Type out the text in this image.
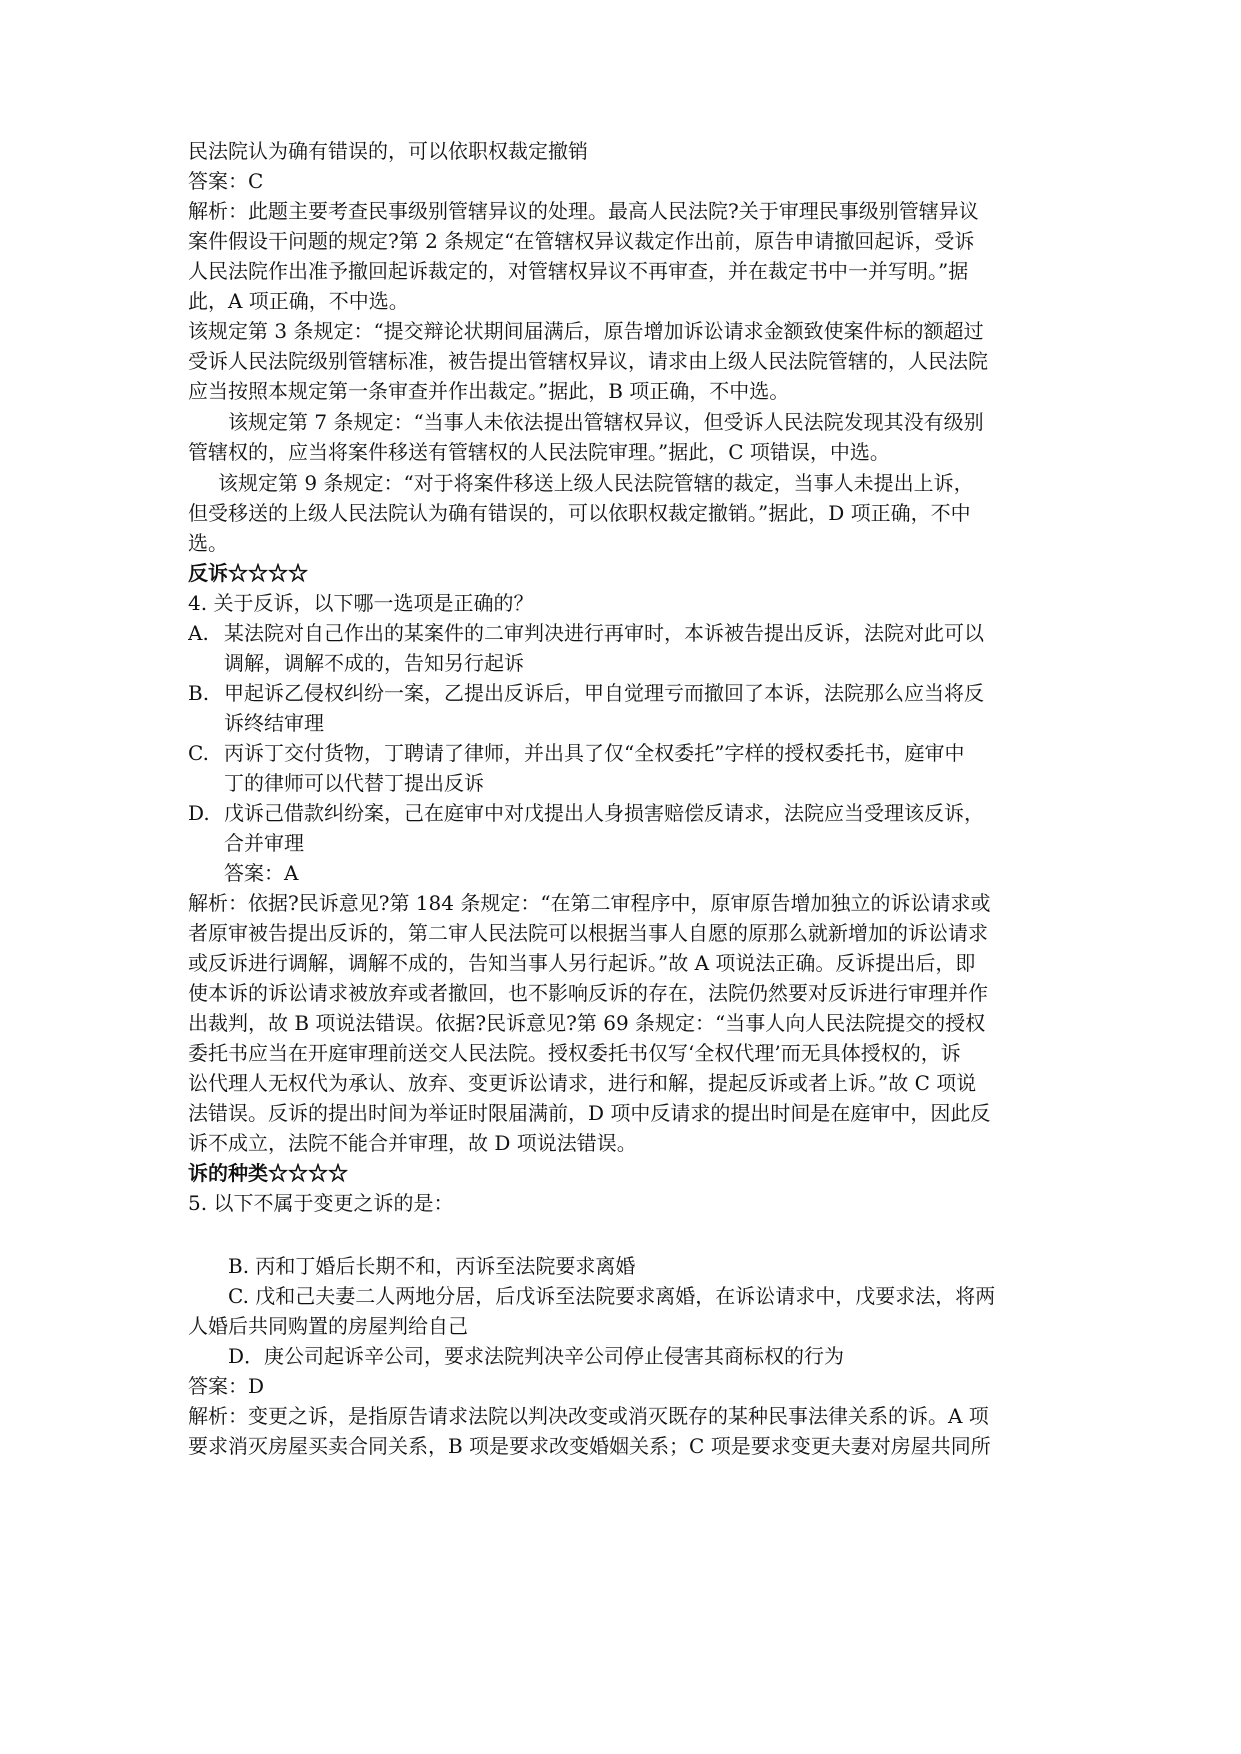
民法院认为确有错误的，可以依职权裁定撤销
答案：C
解析：此题主要考查民事级别管辖异议的处理。最高人民法院?关于审理民事级别管辖异议
案件假设干问题的规定?第 2 条规定“在管辖权异议裁定作出前，原告申请撤回起诉，受诉
人民法院作出准予撤回起诉裁定的，对管辖权异议不再审查，并在裁定书中一并写明。”据
此，A 项正确，不中选。
该规定第 3 条规定：“提交辩论状期间届满后，原告增加诉讼请求金额致使案件标的额超过
受诉人民法院级别管辖标准，被告提出管辖权异议，请求由上级人民法院管辖的，人民法院
应当按照本规定第一条审查并作出裁定。”据此，B 项正确，不中选。
该规定第 7 条规定：“当事人未依法提出管辖权异议，但受诉人民法院发现其没有级别
管辖权的，应当将案件移送有管辖权的人民法院审理。”据此，C 项错误，中选。
该规定第 9 条规定：“对于将案件移送上级人民法院管辖的裁定，当事人未提出上诉，
但受移送的上级人民法院认为确有错误的，可以依职权裁定撤销。”据此，D 项正确，不中
选。
反诉☆☆☆☆
4. 关于反诉，以下哪一选项是正确的？
A. 某法院对自己作出的某案件的二审判决进行再审时，本诉被告提出反诉，法院对此可以
调解，调解不成的，告知另行起诉
B. 甲起诉乙侵权纠纷一案，乙提出反诉后，甲自觉理亏而撤回了本诉，法院那么应当将反
诉终结审理
C. 丙诉丁交付货物，丁聘请了律师，并出具了仅“全权委托”字样的授权委托书，庭审中
丁的律师可以代替丁提出反诉
D. 戊诉己借款纠纷案，己在庭审中对戊提出人身损害赔偿反请求，法院应当受理该反诉，
合并审理
答案：A
解析：依据?民诉意见?第 184 条规定：“在第二审程序中，原审原告增加独立的诉讼请求或
者原审被告提出反诉的，第二审人民法院可以根据当事人自愿的原那么就新增加的诉讼请求
或反诉进行调解，调解不成的，告知当事人另行起诉。”故 A 项说法正确。反诉提出后，即
使本诉的诉讼请求被放弃或者撤回，也不影响反诉的存在，法院仍然要对反诉进行审理并作
出裁判，故 B 项说法错误。依据?民诉意见?第 69 条规定：“当事人向人民法院提交的授权
委托书应当在开庭审理前送交人民法院。授权委托书仅写‘全权代理’而无具体授权的，诉
讼代理人无权代为承认、放弃、变更诉讼请求，进行和解，提起反诉或者上诉。”故 C 项说
法错误。反诉的提出时间为举证时限届满前，D 项中反请求的提出时间是在庭审中，因此反
诉不成立，法院不能合并审理，故 D 项说法错误。
诉的种类☆☆☆☆
5. 以下不属于变更之诉的是：
B. 丙和丁婚后长期不和，丙诉至法院要求离婚
C. 戊和己夫妻二人两地分居，后戊诉至法院要求离婚，在诉讼请求中，戊要求法，将两
人婚后共同购置的房屋判给自己
D．庚公司起诉辛公司，要求法院判决辛公司停止侵害其商标权的行为
答案：D
解析：变更之诉，是指原告请求法院以判决改变或消灭既存的某种民事法律关系的诉。A 项
要求消灭房屋买卖合同关系，B 项是要求改变婚姻关系；C 项是要求变更夫妻对房屋共同所
